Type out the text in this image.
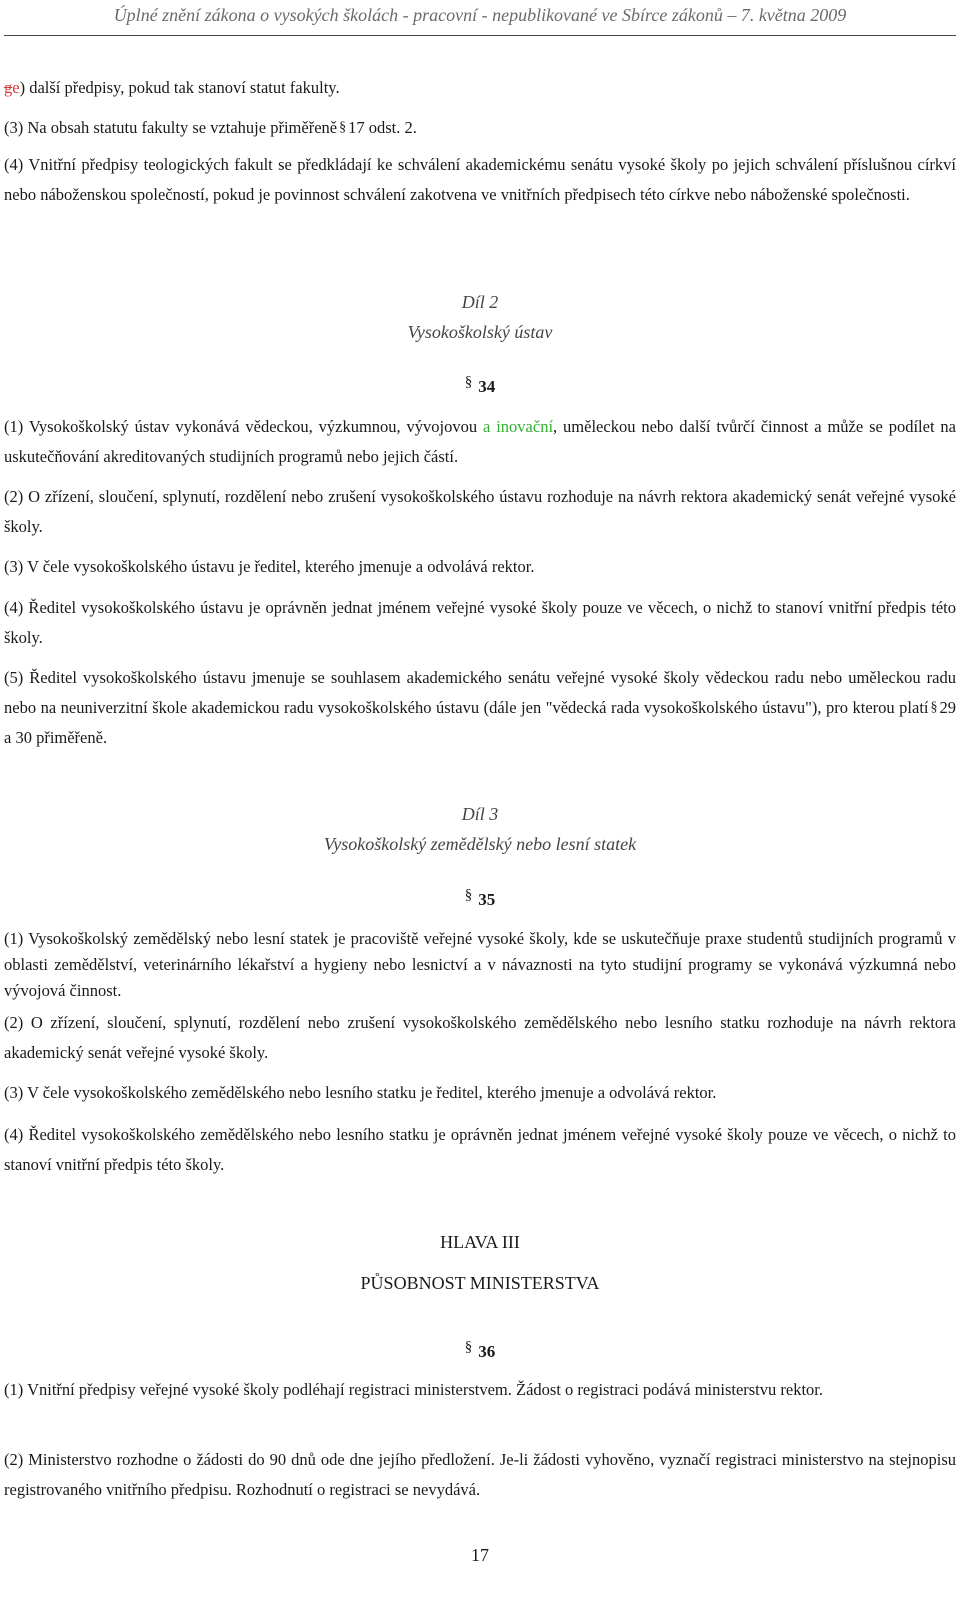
Úplné znění zákona o vysokých školách - pracovní - nepublikované ve Sbírce zákonů – 7. května 2009
ge) další předpisy, pokud tak stanoví statut fakulty.
(3) Na obsah statutu fakulty se vztahuje přiměřeně § 17 odst. 2.
(4) Vnitřní předpisy teologických fakult se předkládají ke schválení akademickému senátu vysoké školy po jejich schválení příslušnou církví nebo náboženskou společností, pokud je povinnost schválení zakotvena ve vnitřních předpisech této církve nebo náboženské společnosti.
Díl 2
Vysokoškolský ústav
§ 34
(1) Vysokoškolský ústav vykonává vědeckou, výzkumnou, vývojovou a inovační, uměleckou nebo další tvůrčí činnost a může se podílet na uskutečňování akreditovaných studijních programů nebo jejich částí.
(2) O zřízení, sloučení, splynutí, rozdělení nebo zrušení vysokoškolského ústavu rozhoduje na návrh rektora akademický senát veřejné vysoké školy.
(3) V čele vysokoškolského ústavu je ředitel, kterého jmenuje a odvolává rektor.
(4) Ředitel vysokoškolského ústavu je oprávněn jednat jménem veřejné vysoké školy pouze ve věcech, o nichž to stanoví vnitřní předpis této školy.
(5) Ředitel vysokoškolského ústavu jmenuje se souhlasem akademického senátu veřejné vysoké školy vědeckou radu nebo uměleckou radu nebo na neuniverzitní škole akademickou radu vysokoškolského ústavu (dále jen "vědecká rada vysokoškolského ústavu"), pro kterou platí § 29 a 30 přiměřeně.
Díl 3
Vysokoškolský zemědělský nebo lesní statek
§ 35
(1) Vysokoškolský zemědělský nebo lesní statek je pracoviště veřejné vysoké školy, kde se uskutečňuje praxe studentů studijních programů v oblasti zemědělství, veterinárního lékařství a hygieny nebo lesnictví a v návaznosti na tyto studijní programy se vykonává výzkumná nebo vývojová činnost.
(2) O zřízení, sloučení, splynutí, rozdělení nebo zrušení vysokoškolského zemědělského nebo lesního statku rozhoduje na návrh rektora akademický senát veřejné vysoké školy.
(3) V čele vysokoškolského zemědělského nebo lesního statku je ředitel, kterého jmenuje a odvolává rektor.
(4) Ředitel vysokoškolského zemědělského nebo lesního statku je oprávněn jednat jménem veřejné vysoké školy pouze ve věcech, o nichž to stanoví vnitřní předpis této školy.
HLAVA III
PŮSOBNOST MINISTERSTVA
§ 36
(1) Vnitřní předpisy veřejné vysoké školy podléhají registraci ministerstvem. Žádost o registraci podává ministerstvu rektor.
(2) Ministerstvo rozhodne o žádosti do 90 dnů ode dne jejího předložení. Je-li žádosti vyhověno, vyznačí registraci ministerstvo na stejnopisu registrovaného vnitřního předpisu. Rozhodnutí o registraci se nevydává.
17
